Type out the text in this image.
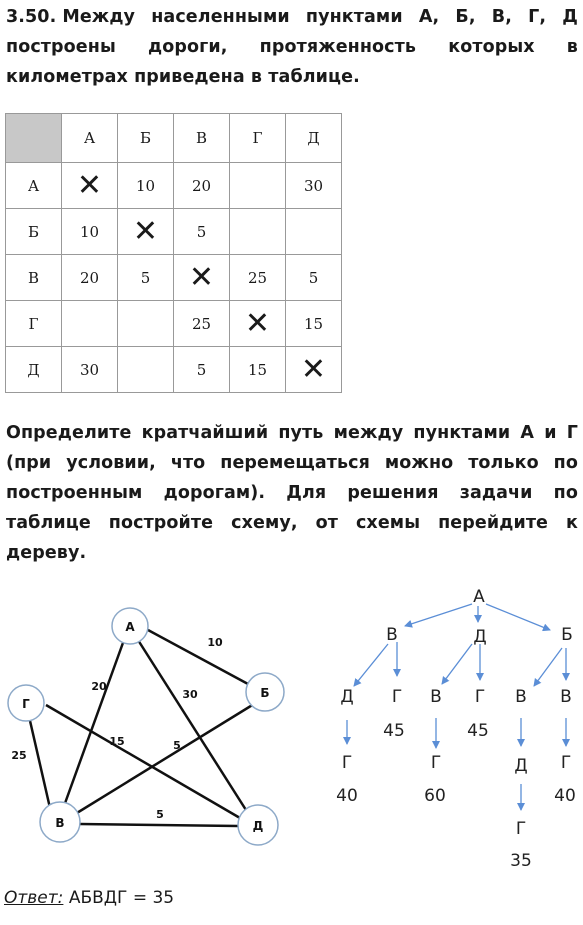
3.50. Между населенными пунктами А, Б, В, Г, Д построены дороги, протяженность которых в километрах приведена в таблице.
	А	Б	В	Г	Д
А	✕	10	20		30
Б	10	✕	5		
В	20	5	✕	25	5
Г			25	✕	15
Д	30		5	15	✕
Определите кратчайший путь между пунктами А и Г (при условии, что перемещаться можно только по построенным дорогам). Для решения задачи по таблице постройте схему, от схемы перейдите к дереву.
А
Б
Г
В	Д
10
20
30
25
15	5
5
А
В	Д	Б
Д Г В Г В В
45	45
Г	Г	Д Г
40	60	40
Г
35
Ответ: АБВДГ = 35
